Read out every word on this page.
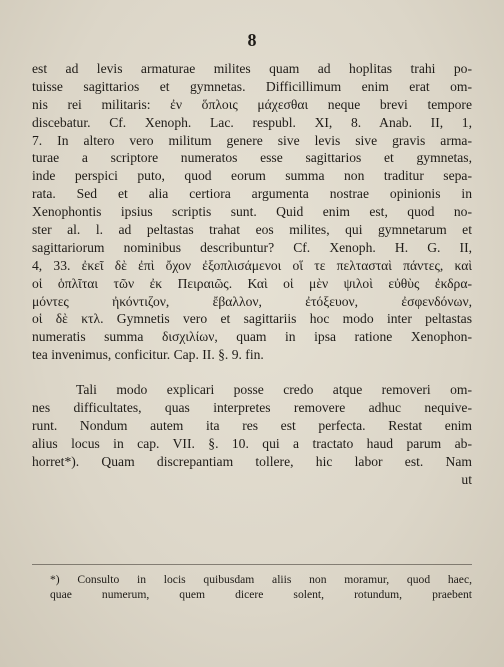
8
est ad levis armaturae milites quam ad hoplitas trahi po-
tuisse sagittarios et gymnetas. Difficillimum enim erat om-
nis rei militaris: ἐν ὅπλοις μάχεσθαι neque brevi tempore
discebatur. Cf. Xenoph. Lac. respubl. XI, 8. Anab. II, 1,
7. In altero vero militum genere sive levis sive gravis arma-
turae a scriptore numeratos esse sagittarios et gymnetas,
inde perspici puto, quod eorum summa non traditur sepa-
rata. Sed et alia certiora argumenta nostrae opinionis in
Xenophontis ipsius scriptis sunt. Quid enim est, quod no-
ster al. l. ad peltastas trahat eos milites, qui gymnetarum et
sagittariorum nominibus describuntur? Cf. Xenoph. H. G. II,
4, 33. ἐκεῖ δὲ ἐπὶ ὄχον ἐξοπλισάμενοι οἵ τε πελτασταὶ πάντες, καὶ
οἱ ὁπλῖται τῶν ἐκ Πειραιῶς. Καὶ οἱ μὲν ψιλοὶ εὐθὺς ἐκδρα-
μόντες ἠκόντιζον, ἔβαλλον, ἐτόξευον, ἐσφενδόνων,
οἱ δὲ κτλ. Gymnetis vero et sagittariis hoc modo inter peltastas
numeratis summa δισχιλίων, quam in ipsa ratione Xenophon-
tea invenimus, conficitur. Cap. II. §. 9. fin.
Tali modo explicari posse credo atque removeri om-
nes difficultates, quas interpretes removere adhuc nequive-
runt. Nondum autem ita res est perfecta. Restat enim
alius locus in cap. VII. §. 10. qui a tractato haud parum ab-
horret*). Quam discrepantiam tollere, hic labor est. Nam
ut
*) Consulto in locis quibusdam aliis non moramur, quod haec,
quae numerum, quem dicere solent, rotundum, praebent
